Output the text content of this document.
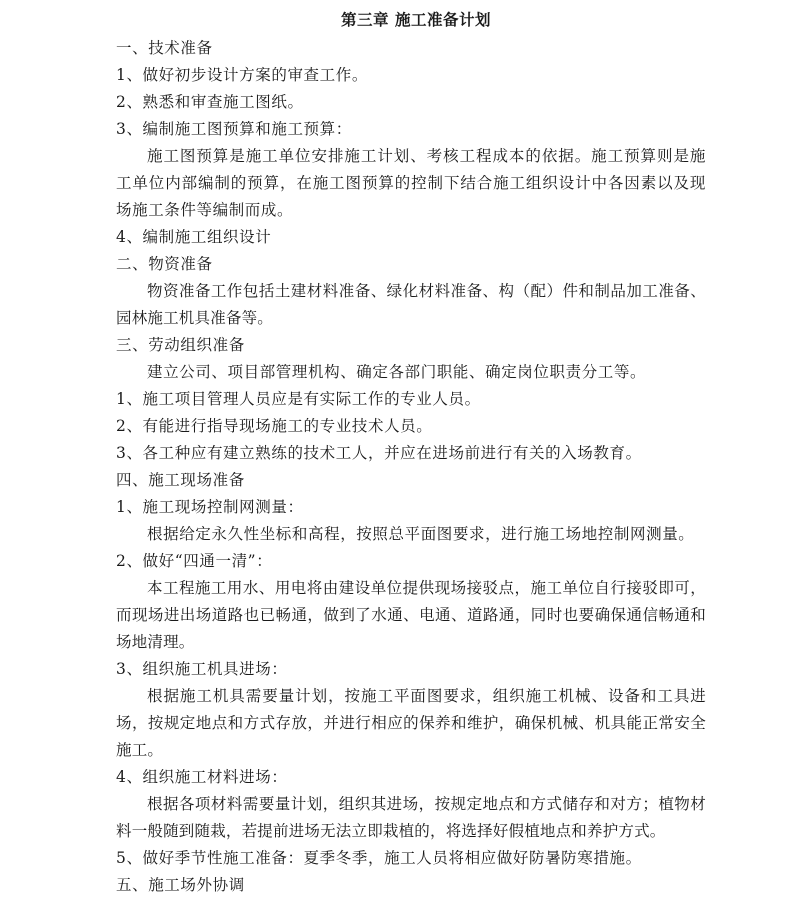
第三章 施工准备计划

一、技术准备

1、做好初步设计方案的审查工作。

2、熟悉和审查施工图纸。

3、编制施工图预算和施工预算：

施工图预算是施工单位安排施工计划、考核工程成本的依据。施工预算则是施工单位内部编制的预算，在施工图预算的控制下结合施工组织设计中各因素以及现场施工条件等编制而成。

4、编制施工组织设计

二、物资准备

物资准备工作包括土建材料准备、绿化材料准备、构（配）件和制品加工准备、园林施工机具准备等。

三、劳动组织准备

建立公司、项目部管理机构、确定各部门职能、确定岗位职责分工等。

1、施工项目管理人员应是有实际工作的专业人员。

2、有能进行指导现场施工的专业技术人员。

3、各工种应有建立熟练的技术工人，并应在进场前进行有关的入场教育。

四、施工现场准备

1、施工现场控制网测量：

根据给定永久性坐标和高程，按照总平面图要求，进行施工场地控制网测量。

2、做好“四通一清”：

本工程施工用水、用电将由建设单位提供现场接驳点，施工单位自行接驳即可，而现场进出场道路也已畅通，做到了水通、电通、道路通，同时也要确保通信畅通和场地清理。

3、组织施工机具进场：

根据施工机具需要量计划，按施工平面图要求，组织施工机械、设备和工具进场，按规定地点和方式存放，并进行相应的保养和维护，确保机械、机具能正常安全施工。

4、组织施工材料进场：

根据各项材料需要量计划，组织其进场，按规定地点和方式储存和对方；植物材料一般随到随栽，若提前进场无法立即栽植的，将选择好假植地点和养护方式。

5、做好季节性施工准备：夏季冬季，施工人员将相应做好防暑防寒措施。

五、施工场外协调
